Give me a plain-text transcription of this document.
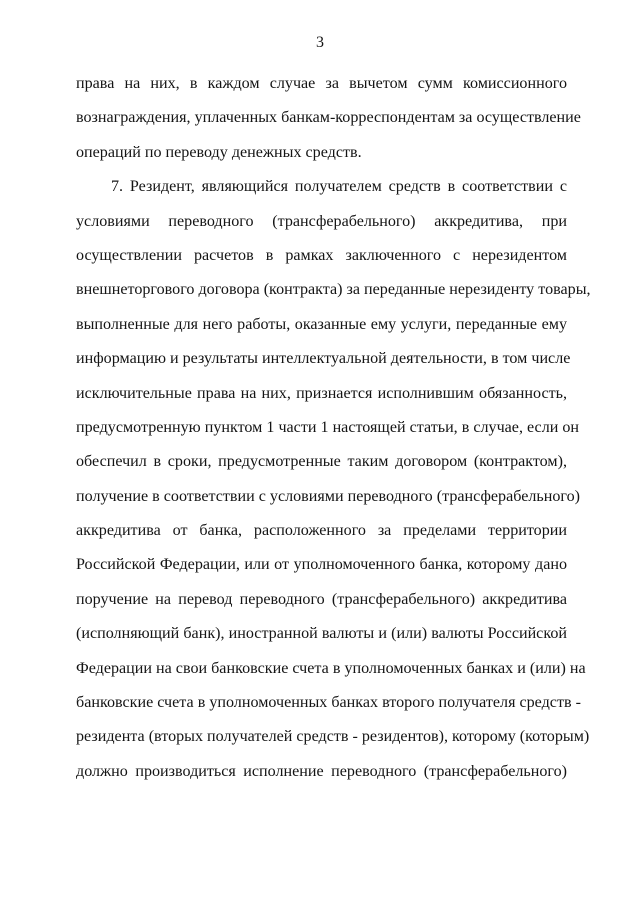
3
права на них, в каждом случае за вычетом сумм комиссионного
вознаграждения, уплаченных банкам-корреспондентам за осуществление
операций по переводу денежных средств.
7. Резидент, являющийся получателем средств в соответствии с
условиями переводного (трансферабельного) аккредитива, при
осуществлении расчетов в рамках заключенного с нерезидентом
внешнеторгового договора (контракта) за переданные нерезиденту товары,
выполненные для него работы, оказанные ему услуги, переданные ему
информацию и результаты интеллектуальной деятельности, в том числе
исключительные права на них, признается исполнившим обязанность,
предусмотренную пунктом 1 части 1 настоящей статьи, в случае, если он
обеспечил в сроки, предусмотренные таким договором (контрактом),
получение в соответствии с условиями переводного (трансферабельного)
аккредитива от банка, расположенного за пределами территории
Российской Федерации, или от уполномоченного банка, которому дано
поручение на перевод переводного (трансферабельного) аккредитива
(исполняющий банк), иностранной валюты и (или) валюты Российской
Федерации на свои банковские счета в уполномоченных банках и (или) на
банковские счета в уполномоченных банках второго получателя средств -
резидента (вторых получателей средств - резидентов), которому (которым)
должно производиться исполнение переводного (трансферабельного)
